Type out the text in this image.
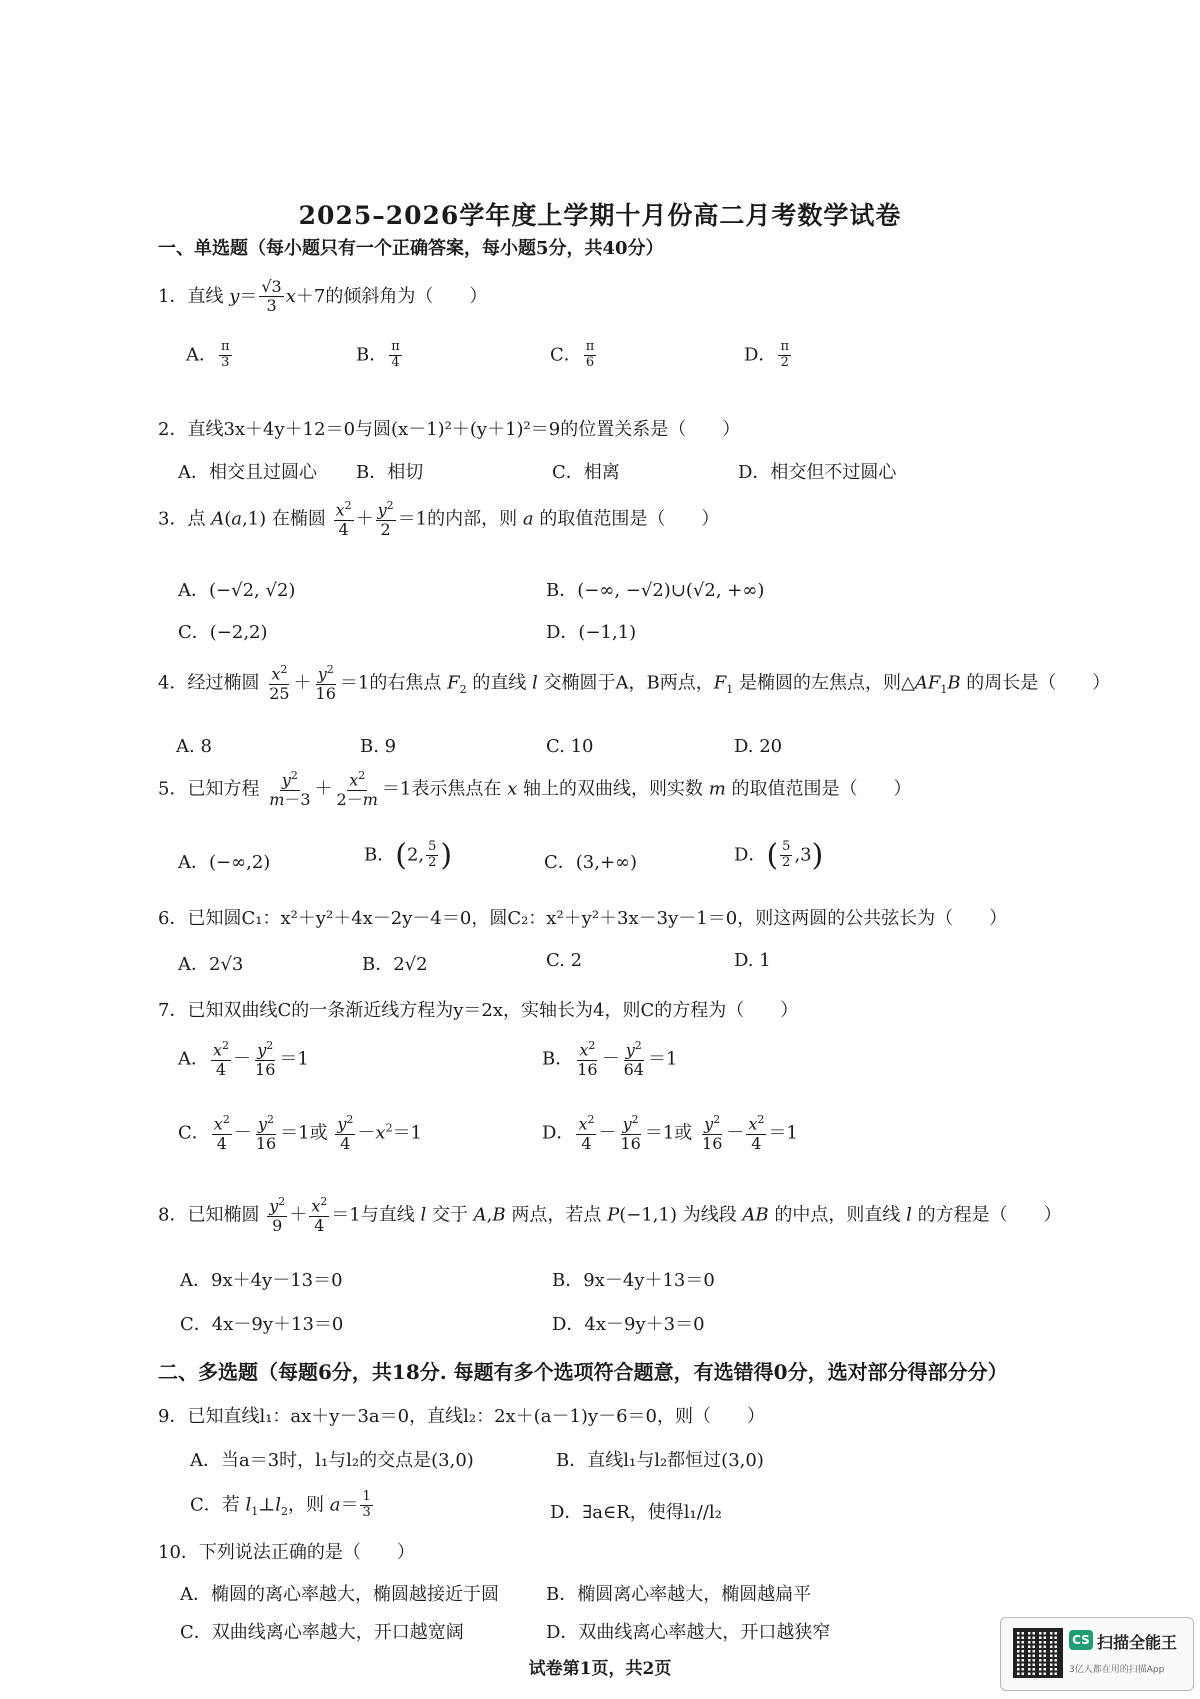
2025–2026学年度上学期十月份高二月考数学试卷
一、单选题（每小题只有一个正确答案，每小题5分，共40分）
1．直线 $y= \frac{√3}{3} x+7$的倾斜角为（　　）
A． $\frac{\pi}{3}$	B． $\frac{\pi}{4}$	C． $\frac{\pi}{6}$	D． $\frac{\pi}{2}$
2．直线3x＋4y＋12＝0与圆(x－1)²＋(y＋1)²＝9的位置关系是（　　）
A．相交且过圆心 B．相切	C．相离	D．相交但不过圆心
3．点 A(a,1) 在椭圆 $\frac{x^2}{4} + \frac{y^2}{2} =1$的内部，则 a 的取值范围是（　　）
A．(−√2, √2)	B．(−∞, −√2)∪(√2, +∞)
C．(−2,2)	D．(−1,1)
4．经过椭圆 $\frac{x^2}{25} + \frac{y^2}{16} =1$的右焦点 $F_2$ 的直线 l 交椭圆于A，B两点，$F_1$ 是椭圆的左焦点，则$\triangle AF_1B$ 的周长是（　　）
A. 8	B. 9	C. 10	D. 20
5．已知方程 $\frac{y^2}{m-3} + \frac{x^2}{2-m} =1$表示焦点在 x 轴上的双曲线，则实数 m 的取值范围是（　　）
A．(−∞,2)	B．(2, $\frac{5}{2}$ )	C．(3,+∞)	D．( $\frac{5}{2} ,3$)
6．已知圆C₁：x²＋y²＋4x－2y－4＝0，圆C₂：x²＋y²＋3x－3y－1＝0，则这两圆的公共弦长为（　　）
A．2√3	B．2√2	C. 2	D. 1
7．已知双曲线C的一条渐近线方程为y＝2x，实轴长为4，则C的方程为（　　）
A． $\frac{x^2}{4} - \frac{y^2}{16} =1$	B． $\frac{x^2}{16} - \frac{y^2}{64} =1$
C． $\frac{x^2}{4} - \frac{y^2}{16} =1$或 $\frac{y^2}{4} -x^2=1$	D． $\frac{x^2}{4} - \frac{y^2}{16} =1$或 $\frac{y^2}{16} - \frac{x^2}{4} =1$
8．已知椭圆 $\frac{y^2}{9} + \frac{x^2}{4} =1$与直线 l 交于 A,B 两点，若点 P(−1,1) 为线段 AB 的中点，则直线 l 的方程是（　　）
A．9x＋4y－13＝0	B．9x－4y＋13＝0
C．4x－9y＋13＝0	D．4x－9y＋3＝0
二、多选题（每题6分，共18分. 每题有多个选项符合题意，有选错得0分，选对部分得部分分）
9．已知直线l₁：ax＋y－3a＝0，直线l₂：2x＋(a－1)y－6＝0，则（　　）
A．当a＝3时，l₁与l₂的交点是(3,0)	B．直线l₁与l₂都恒过(3,0)
C．若 $l_1\perp l_2$，则 $a= \frac{1}{3}$	D．∃a∈R，使得l₁//l₂
10．下列说法正确的是（　　）
A．椭圆的离心率越大，椭圆越接近于圆	B．椭圆离心率越大，椭圆越扁平
C．双曲线离心率越大，开口越宽阔	D．双曲线离心率越大，开口越狭窄
试卷第1页，共2页
CS 扫描全能王
3亿人都在用的扫描App
